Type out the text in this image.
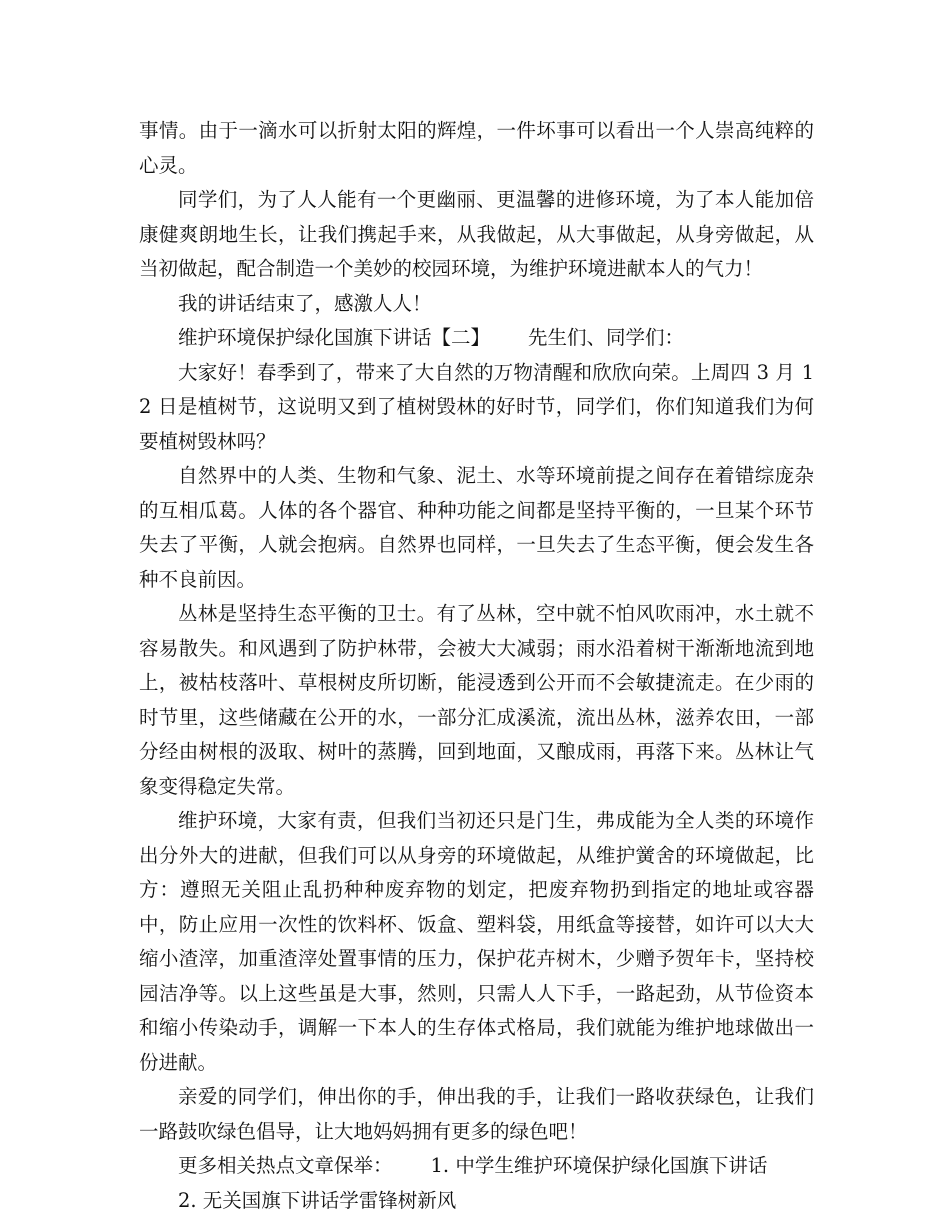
事情。由于一滴水可以折射太阳的辉煌，一件坏事可以看出一个人崇高纯粹的心灵。

同学们，为了人人能有一个更幽丽、更温馨的进修环境，为了本人能加倍康健爽朗地生长，让我们携起手来，从我做起，从大事做起，从身旁做起，从当初做起，配合制造一个美妙的校园环境，为维护环境进献本人的气力！

我的讲话结束了，感激人人！

维护环境保护绿化国旗下讲话【二】 先生们、同学们：

大家好！春季到了，带来了大自然的万物清醒和欣欣向荣。上周四 3 月 12 日是植树节，这说明又到了植树毁林的好时节，同学们，你们知道我们为何要植树毁林吗？

自然界中的人类、生物和气象、泥土、水等环境前提之间存在着错综庞杂的互相瓜葛。人体的各个器官、种种功能之间都是坚持平衡的，一旦某个环节失去了平衡，人就会抱病。自然界也同样，一旦失去了生态平衡，便会发生各种不良前因。

丛林是坚持生态平衡的卫士。有了丛林，空中就不怕风吹雨冲，水土就不容易散失。和风遇到了防护林带，会被大大减弱；雨水沿着树干渐渐地流到地上，被枯枝落叶、草根树皮所切断，能浸透到公开而不会敏捷流走。在少雨的时节里，这些储藏在公开的水，一部分汇成溪流，流出丛林，滋养农田，一部分经由树根的汲取、树叶的蒸腾，回到地面，又酿成雨，再落下来。丛林让气象变得稳定失常。

维护环境，大家有责，但我们当初还只是门生，弗成能为全人类的环境作出分外大的进献，但我们可以从身旁的环境做起，从维护黉舍的环境做起，比方：遵照无关阻止乱扔种种废弃物的划定，把废弃物扔到指定的地址或容器中，防止应用一次性的饮料杯、饭盒、塑料袋，用纸盒等接替，如许可以大大缩小渣滓，加重渣滓处置事情的压力，保护花卉树木，少赠予贺年卡，坚持校园洁净等。以上这些虽是大事，然则，只需人人下手，一路起劲，从节俭资本和缩小传染动手，调解一下本人的生存体式格局，我们就能为维护地球做出一份进献。

亲爱的同学们，伸出你的手，伸出我的手，让我们一路收获绿色，让我们一路鼓吹绿色倡导，让大地妈妈拥有更多的绿色吧！

更多相关热点文章保举： 1. 中学生维护环境保护绿化国旗下讲话

2. 无关国旗下讲话学雷锋树新风
